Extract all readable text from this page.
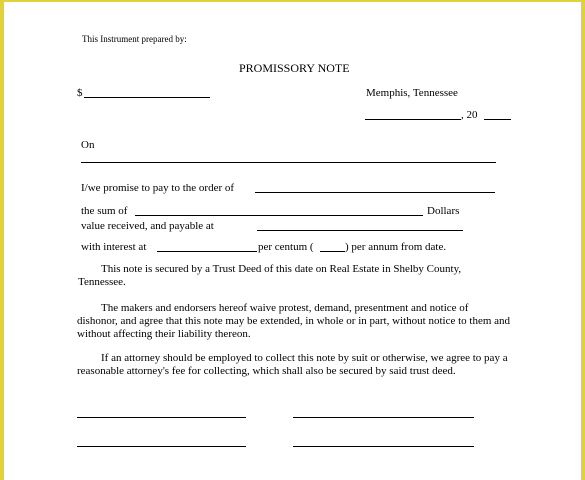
This Instrument prepared by:
PROMISSORY NOTE
$	Memphis, Tennessee
, 20
On
I/we promise to pay to the order of
the sum of	Dollars
value received, and payable at
with interest at	per centum (	) per annum from date.
This note is secured by a Trust Deed of this date on Real Estate in Shelby County, Tennessee.
The makers and endorsers hereof waive protest, demand, presentment and notice of dishonor, and agree that this note may be extended, in whole or in part, without notice to them and without affecting their liability thereon.
If an attorney should be employed to collect this note by suit or otherwise, we agree to pay a reasonable attorney's fee for collecting, which shall also be secured by said trust deed.
